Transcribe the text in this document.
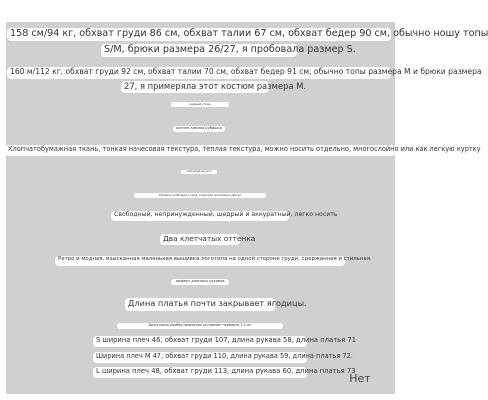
158 см/94 кг, обхват груди 86 см, обхват талии 67 см, обхват бедер 90 см, обычно ношу топы
S/M, брюки размера 26/27, я пробовала размер S.
160 м/112 кг, обхват груди 92 см, обхват талии 70 см, обхват бедер 91 см, обычно топы размера М и брюки размера
27, я примеряла этот костюм размера М.
модный стиль
осенне-зимняя рубашка
Хлопчатобумажная ткань, тонкая начесовая текстура, теплая текстура, можно носить отдельно, многослойно или как легкую куртку
клетчатый рисунок
Рубашка свободного кроя, подходит для разных фигур
Свободный, непринужденный, щедрый и аккуратный, легко носить
Два клетчатых оттенка
Ретро и модная, изысканная маленькая вышивка логотипа на одной стороне груди, сдержанная и стильная.
эффект длинных рукавов
Длина платья почти закрывает ягодицы.
Допустимая ошибка измерения составляет примерно 1-3 см.
S ширина плеч 46, обхват груди 107, длина рукава 58, длина платья 71
Ширина плеч M 47, обхват груди 110, длина рукава 59, длина платья 72.
L ширина плеч 48, обхват груди 113, длина рукава 60, длина платья 73
Нет
